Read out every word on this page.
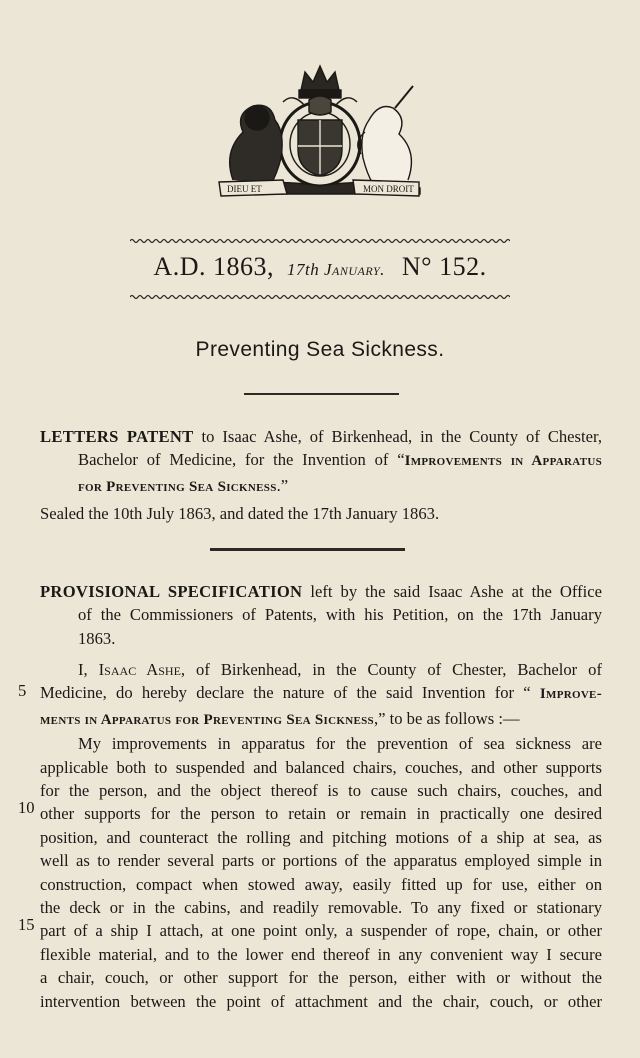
DIEU ET	MON DROIT
A.D. 1863, 17th January. N° 152.
Preventing Sea Sickness.
LETTERS PATENT to Isaac Ashe, of Birkenhead, in the County of Chester,
Bachelor of Medicine, for the Invention of “Improvements in Apparatus
for Preventing Sea Sickness.”
Sealed the 10th July 1863, and dated the 17th January 1863.
PROVISIONAL SPECIFICATION left by the said Isaac Ashe at the Office
of the Commissioners of Patents, with his Petition, on the 17th January
1863.
I, Isaac Ashe, of Birkenhead, in the County of Chester, Bachelor of
Medicine, do hereby declare the nature of the said Invention for “ Improve-
ments in Apparatus for Preventing Sea Sickness,” to be as follows :—
My improvements in apparatus for the prevention of sea sickness are
applicable both to suspended and balanced chairs, couches, and other supports
for the person, and the object thereof is to cause such chairs, couches, and
other supports for the person to retain or remain in practically one desired
position, and counteract the rolling and pitching motions of a ship at sea, as
well as to render several parts or portions of the apparatus employed simple in
construction, compact when stowed away, easily fitted up for use, either on
the deck or in the cabins, and readily removable. To any fixed or stationary
part of a ship I attach, at one point only, a suspender of rope, chain, or other
flexible material, and to the lower end thereof in any convenient way I secure
a chair, couch, or other support for the person, either with or without the
intervention between the point of attachment and the chair, couch, or other
5
10
15
